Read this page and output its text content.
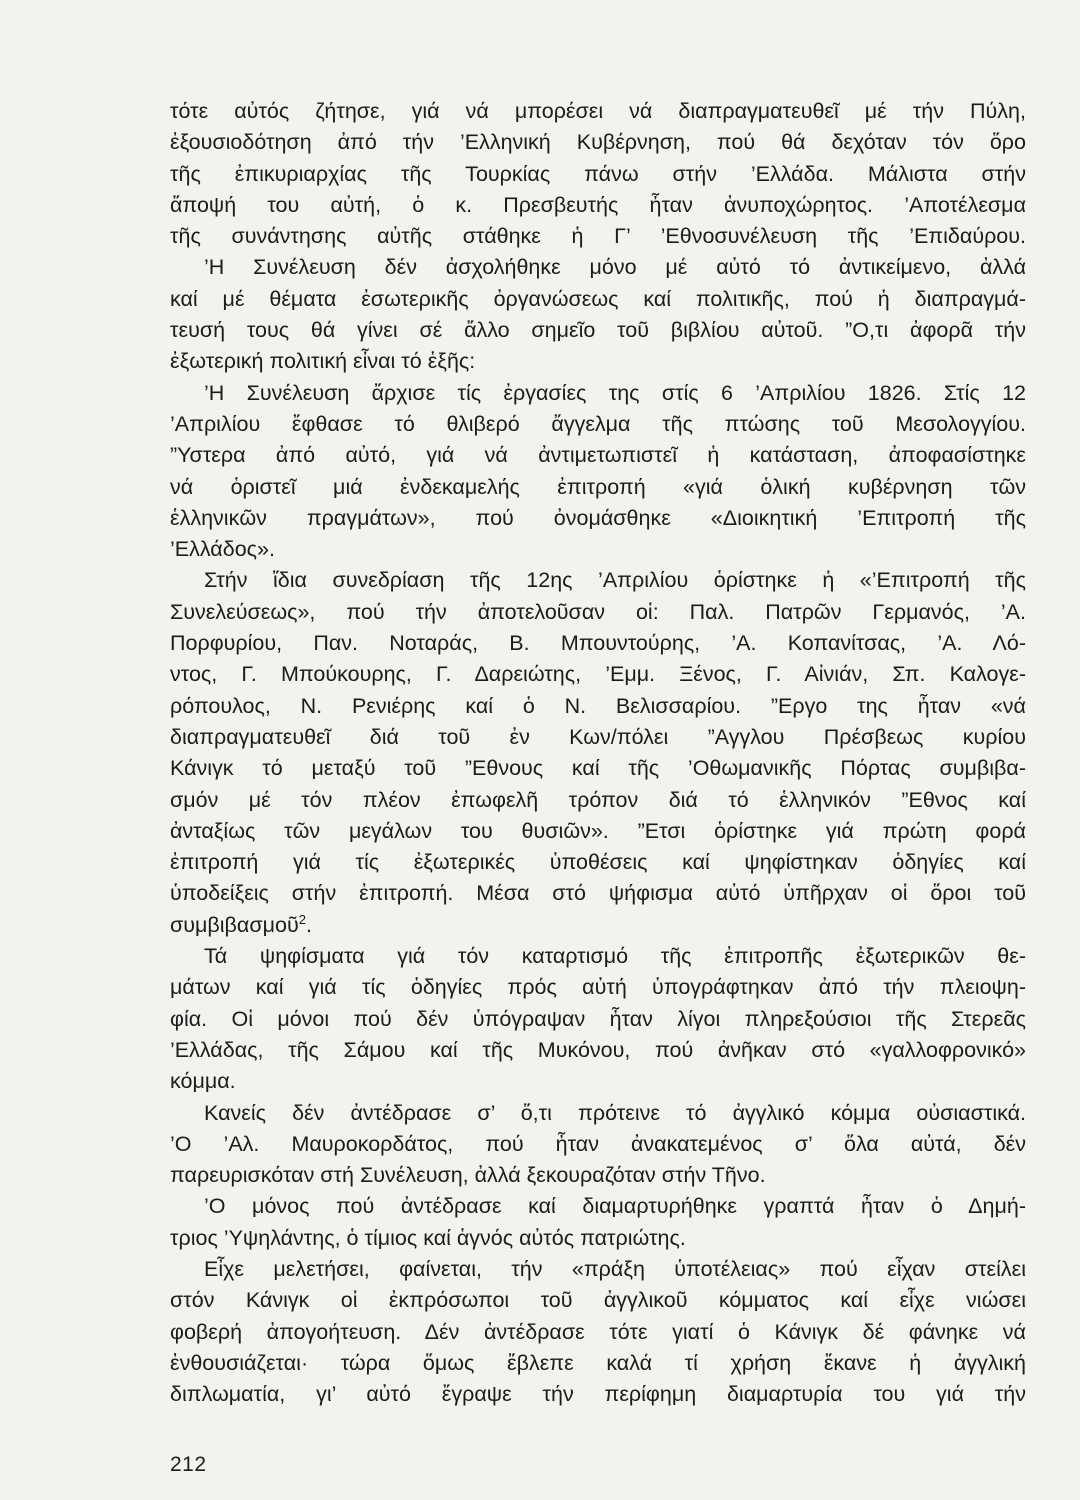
τότε αὐτός ζήτησε, γιά νά μπορέσει νά διαπραγματευθεῖ μέ τήν Πύλη,
ἐξουσιοδότηση ἀπό τήν ’Ελληνική Κυβέρνηση, πού θά δεχόταν τόν ὅρο
τῆς ἐπικυριαρχίας τῆς Τουρκίας πάνω στήν ’Ελλάδα. Μάλιστα στήν
ἄποψή του αὐτή, ὁ κ. Πρεσβευτής ἦταν ἀνυποχώρητος. ’Αποτέλεσμα
τῆς συνάντησης αὐτῆς στάθηκε ἡ Γ’ ’Εθνοσυνέλευση τῆς ’Επιδαύρου.
’Η Συνέλευση δέν ἀσχολήθηκε μόνο μέ αὐτό τό ἀντικείμενο, ἀλλά
καί μέ θέματα ἐσωτερικῆς ὀργανώσεως καί πολιτικῆς, πού ἡ διαπραγμά-
τευσή τους θά γίνει σέ ἄλλο σημεῖο τοῦ βιβλίου αὐτοῦ. ”Ο,τι ἀφορᾶ τήν
ἐξωτερική πολιτική εἶναι τό ἑξῆς:
’Η Συνέλευση ἄρχισε τίς ἐργασίες της στίς 6 ’Απριλίου 1826. Στίς 12
’Απριλίου ἔφθασε τό θλιβερό ἄγγελμα τῆς πτώσης τοῦ Μεσολογγίου.
”Υστερα ἀπό αὐτό, γιά νά ἀντιμετωπιστεῖ ἡ κατάσταση, ἀποφασίστηκε
νά ὁριστεῖ μιά ἐνδεκαμελής ἐπιτροπή «γιά ὁλική κυβέρνηση τῶν
ἑλληνικῶν πραγμάτων», πού ὀνομάσθηκε «Διοικητική ’Επιτροπή τῆς
’Ελλάδος».
Στήν ἴδια συνεδρίαση τῆς 12ης ’Απριλίου ὁρίστηκε ἡ «’Επιτροπή τῆς
Συνελεύσεως», πού τήν ἀποτελοῦσαν οἱ: Παλ. Πατρῶν Γερμανός, ’Α.
Πορφυρίου, Παν. Νοταράς, Β. Μπουντούρης, ’Α. Κοπανίτσας, ’Α. Λό-
ντος, Γ. Μπούκουρης, Γ. Δαρειώτης, ’Εμμ. Ξένος, Γ. Αἰνιάν, Σπ. Καλογε-
ρόπουλος, Ν. Ρενιέρης καί ὁ Ν. Βελισσαρίου. ”Εργο της ἦταν «νά
διαπραγματευθεῖ διά τοῦ ἐν Κων/πόλει ”Αγγλου Πρέσβεως κυρίου
Κάνιγκ τό μεταξύ τοῦ ”Εθνους καί τῆς ’Οθωμανικῆς Πόρτας συμβιβα-
σμόν μέ τόν πλέον ἐπωφελῆ τρόπον διά τό ἑλληνικόν ”Εθνος καί
ἀνταξίως τῶν μεγάλων του θυσιῶν». ”Ετσι ὁρίστηκε γιά πρώτη φορά
ἐπιτροπή γιά τίς ἐξωτερικές ὑποθέσεις καί ψηφίστηκαν ὁδηγίες καί
ὑποδείξεις στήν ἐπιτροπή. Μέσα στό ψήφισμα αὐτό ὑπῆρχαν οἱ ὅροι τοῦ
συμβιβασμοῦ$^2$.
Τά ψηφίσματα γιά τόν καταρτισμό τῆς ἐπιτροπῆς ἐξωτερικῶν θε-
μάτων καί γιά τίς ὁδηγίες πρός αὐτή ὑπογράφτηκαν ἀπό τήν πλειοψη-
φία. Οἱ μόνοι πού δέν ὑπόγραψαν ἦταν λίγοι πληρεξούσιοι τῆς Στερεᾶς
’Ελλάδας, τῆς Σάμου καί τῆς Μυκόνου, πού ἀνῆκαν στό «γαλλοφρονικό»
κόμμα.
Κανείς δέν ἀντέδρασε σ’ ὅ,τι πρότεινε τό ἀγγλικό κόμμα οὐσιαστικά.
’Ο ’Αλ. Μαυροκορδάτος, πού ἦταν ἀνακατεμένος σ’ ὅλα αὐτά, δέν
παρευρισκόταν στή Συνέλευση, ἀλλά ξεκουραζόταν στήν Τῆνο.
’Ο μόνος πού ἀντέδρασε καί διαμαρτυρήθηκε γραπτά ἦταν ὁ Δημή-
τριος ’Υψηλάντης, ὁ τίμιος καί ἁγνός αὐτός πατριώτης.
Εἶχε μελετήσει, φαίνεται, τήν «πράξη ὑποτέλειας» πού εἶχαν στείλει
στόν Κάνιγκ οἱ ἐκπρόσωποι τοῦ ἀγγλικοῦ κόμματος καί εἶχε νιώσει
φοβερή ἀπογοήτευση. Δέν ἀντέδρασε τότε γιατί ὁ Κάνιγκ δέ φάνηκε νά
ἐνθουσιάζεται· τώρα ὅμως ἔβλεπε καλά τί χρήση ἔκανε ἡ ἀγγλική
διπλωματία, γι’ αὐτό ἔγραψε τήν περίφημη διαμαρτυρία του γιά τήν
212
